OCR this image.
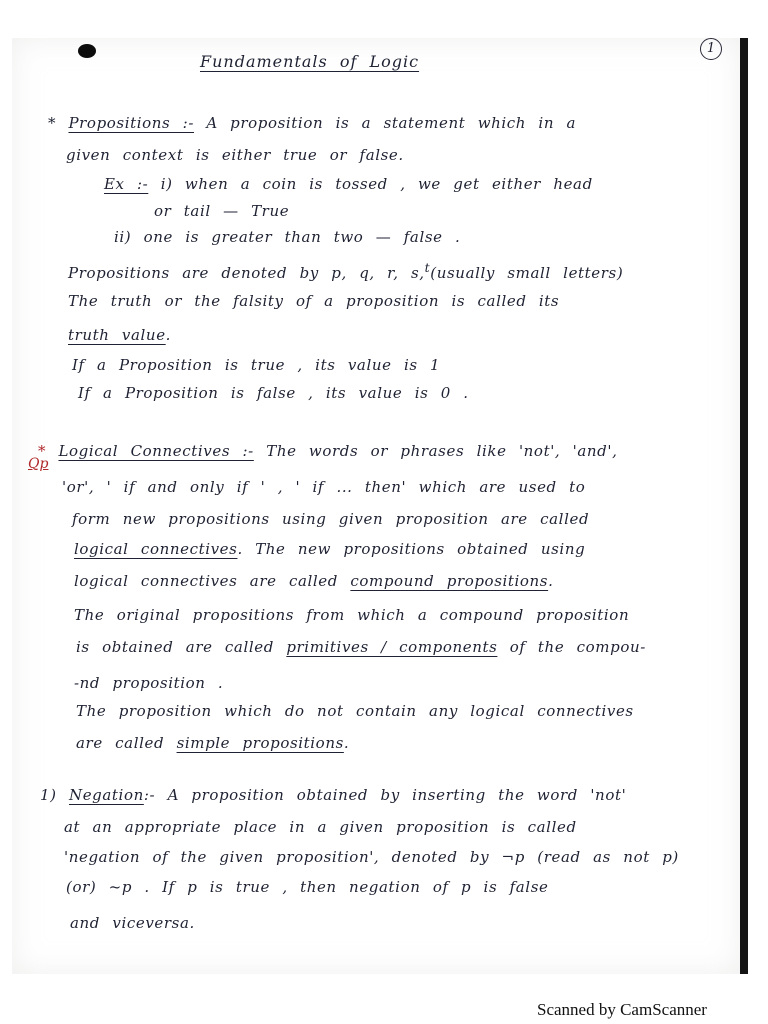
1
Fundamentals of Logic
* Propositions :- A proposition is a statement which in a
given context is either true or false.
Ex :- i) when a coin is tossed , we get either head
or tail — True
ii) one is greater than two — false .
Propositions are denoted by p, q, r, s,$^t$(usually small letters)
The truth or the falsity of a proposition is called its
truth value.
If a Proposition is true , its value is 1
If a Proposition is false , its value is 0 .
Qp
* Logical Connectives :- The words or phrases like 'not', 'and',
'or', ' if and only if ' , ' if ... then' which are used to
form new propositions using given proposition are called
logical connectives. The new propositions obtained using
logical connectives are called compound propositions.
The original propositions from which a compound proposition
is obtained are called primitives / components of the compou-
-nd proposition .
The proposition which do not contain any logical connectives
are called simple propositions.
1) Negation:- A proposition obtained by inserting the word 'not'
at an appropriate place in a given proposition is called
'negation of the given proposition', denoted by ¬p (read as not p)
(or) ~p . If p is true , then negation of p is false
and viceversa.
Scanned by CamScanner
